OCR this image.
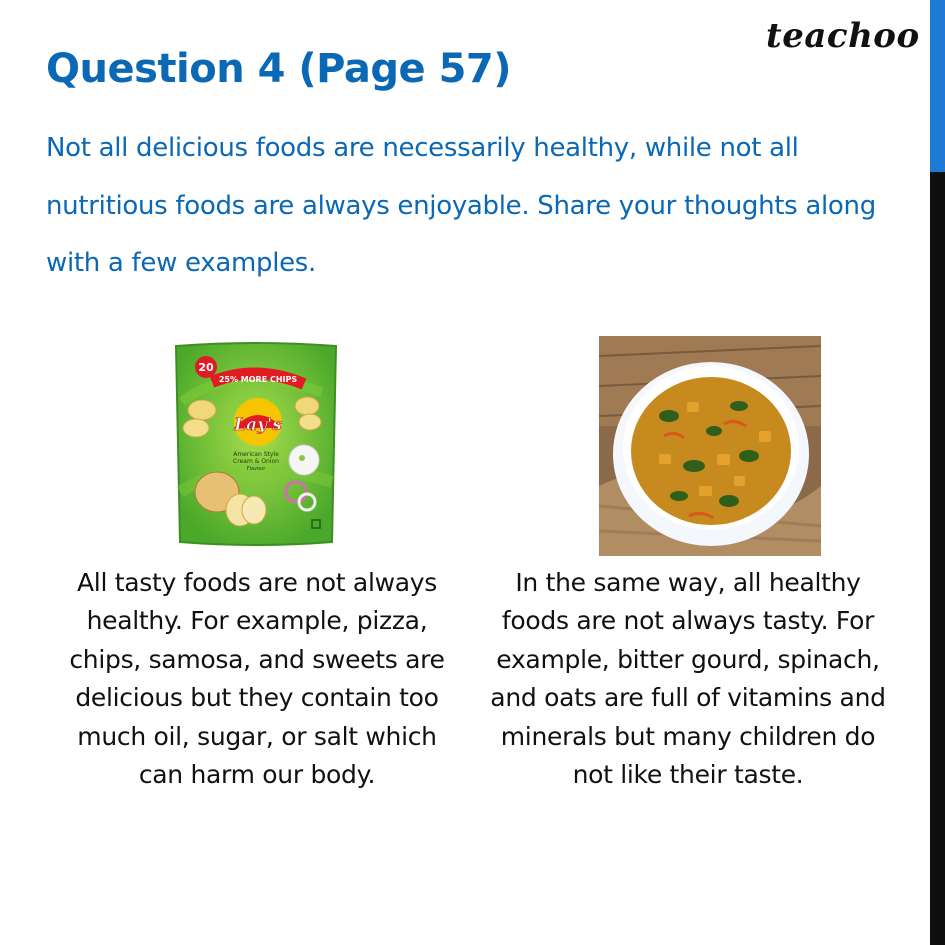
teachoo
Question 4 (Page 57)

Not all delicious foods are necessarily healthy, while not all nutritious foods are always enjoyable. Share your thoughts along with a few examples.

20
25% MORE CHIPS
Lay's
American Style
Cream & Onion
Flavour

All tasty foods are not always healthy. For example, pizza, chips, samosa, and sweets are delicious but they contain too much oil, sugar, or salt which can harm our body.

In the same way, all healthy foods are not always tasty. For example, bitter gourd, spinach, and oats are full of vitamins and minerals but many children do not like their taste.
